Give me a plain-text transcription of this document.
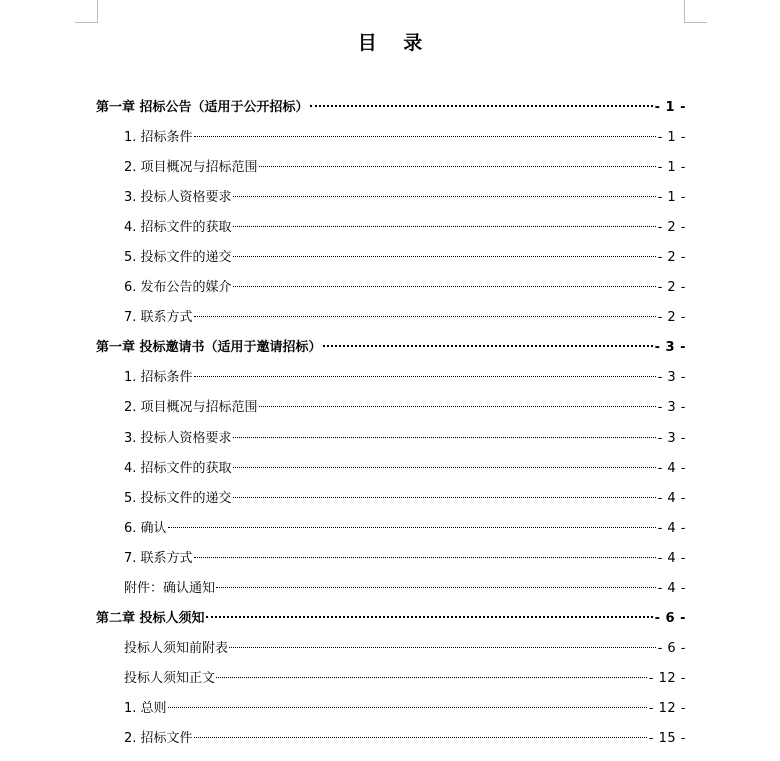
目 录
第一章 招标公告（适用于公开招标）	- 1 -
1. 招标条件	- 1 -
2. 项目概况与招标范围	- 1 -
3. 投标人资格要求	- 1 -
4. 招标文件的获取	- 2 -
5. 投标文件的递交	- 2 -
6. 发布公告的媒介	- 2 -
7. 联系方式	- 2 -
第一章 投标邀请书（适用于邀请招标）	- 3 -
1. 招标条件	- 3 -
2. 项目概况与招标范围	- 3 -
3. 投标人资格要求	- 3 -
4. 招标文件的获取	- 4 -
5. 投标文件的递交	- 4 -
6. 确认	- 4 -
7. 联系方式	- 4 -
附件：确认通知	- 4 -
第二章 投标人须知	- 6 -
投标人须知前附表	- 6 -
投标人须知正文	- 12 -
1. 总则	- 12 -
2. 招标文件	- 15 -
